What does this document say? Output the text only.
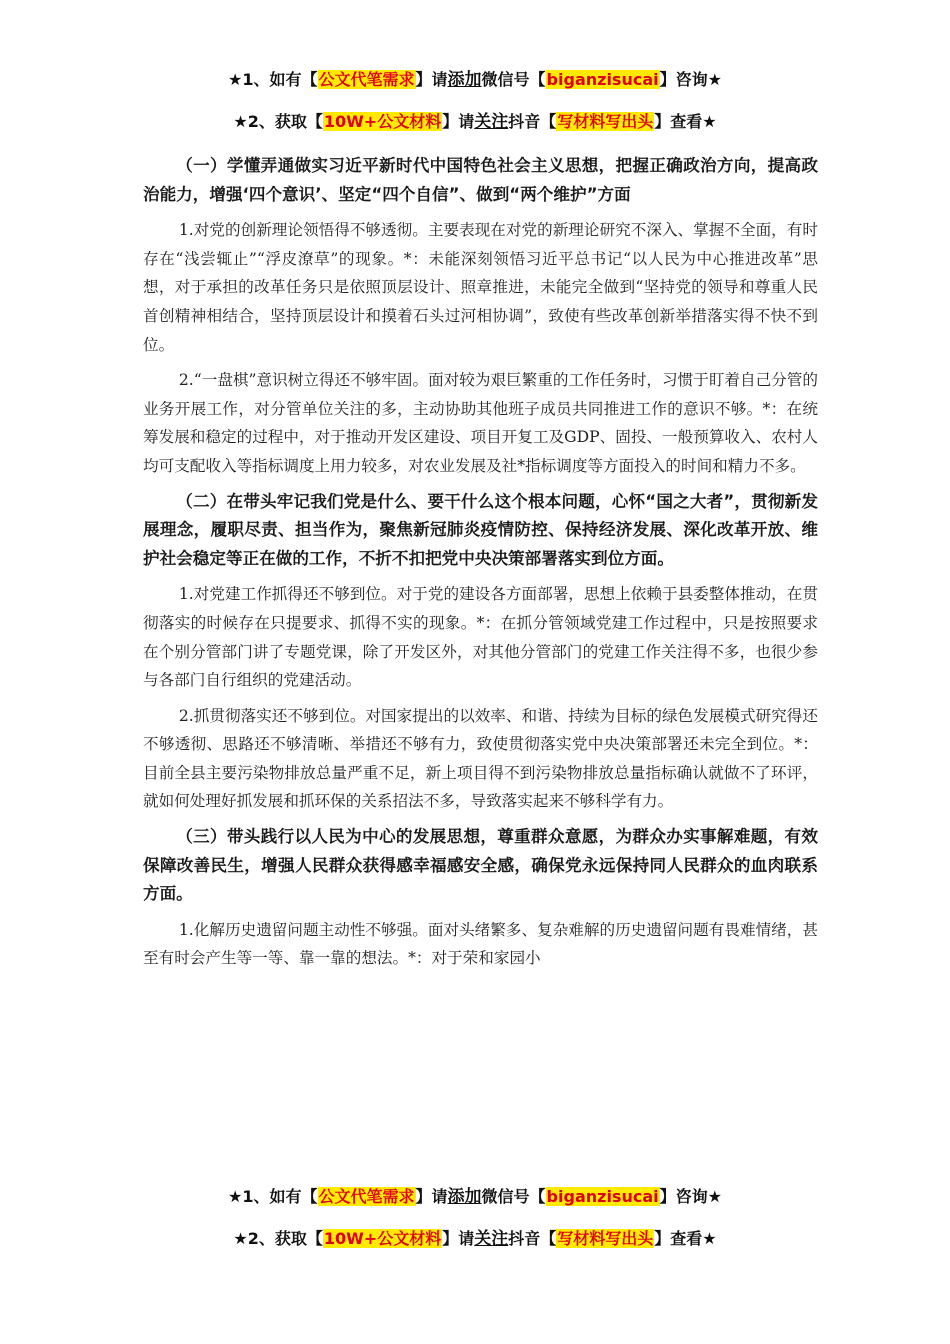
★1、如有【公文代笔需求】请添加微信号【biganzisucai】咨询★
★2、获取【10W+公文材料】请关注抖音【写材料写出头】查看★

（一）学懂弄通做实习近平新时代中国特色社会主义思想，把握正确政治方向，提高政治能力，增强‘四个意识’、坚定“四个自信”、做到“两个维护”方面

1.对党的创新理论领悟得不够透彻。主要表现在对党的新理论研究不深入、掌握不全面，有时存在“浅尝辄止”“浮皮潦草”的现象。*：未能深刻领悟习近平总书记“以人民为中心推进改革”思想，对于承担的改革任务只是依照顶层设计、照章推进，未能完全做到“坚持党的领导和尊重人民首创精神相结合，坚持顶层设计和摸着石头过河相协调”，致使有些改革创新举措落实得不快不到位。

2.“一盘棋”意识树立得还不够牢固。面对较为艰巨繁重的工作任务时，习惯于盯着自己分管的业务开展工作，对分管单位关注的多，主动协助其他班子成员共同推进工作的意识不够。*：在统筹发展和稳定的过程中，对于推动开发区建设、项目开复工及GDP、固投、一般预算收入、农村人均可支配收入等指标调度上用力较多，对农业发展及社*指标调度等方面投入的时间和精力不多。

（二）在带头牢记我们党是什么、要干什么这个根本问题，心怀“国之大者”，贯彻新发展理念，履职尽责、担当作为，聚焦新冠肺炎疫情防控、保持经济发展、深化改革开放、维护社会稳定等正在做的工作，不折不扣把党中央决策部署落实到位方面。

1.对党建工作抓得还不够到位。对于党的建设各方面部署，思想上依赖于县委整体推动，在贯彻落实的时候存在只提要求、抓得不实的现象。*：在抓分管领域党建工作过程中，只是按照要求在个别分管部门讲了专题党课，除了开发区外，对其他分管部门的党建工作关注得不多，也很少参与各部门自行组织的党建活动。

2.抓贯彻落实还不够到位。对国家提出的以效率、和谐、持续为目标的绿色发展模式研究得还不够透彻、思路还不够清晰、举措还不够有力，致使贯彻落实党中央决策部署还未完全到位。*：目前全县主要污染物排放总量严重不足，新上项目得不到污染物排放总量指标确认就做不了环评，就如何处理好抓发展和抓环保的关系招法不多，导致落实起来不够科学有力。

（三）带头践行以人民为中心的发展思想，尊重群众意愿，为群众办实事解难题，有效保障改善民生，增强人民群众获得感幸福感安全感，确保党永远保持同人民群众的血肉联系方面。

1.化解历史遗留问题主动性不够强。面对头绪繁多、复杂难解的历史遗留问题有畏难情绪，甚至有时会产生等一等、靠一靠的想法。*：对于荣和家园小

★1、如有【公文代笔需求】请添加微信号【biganzisucai】咨询★
★2、获取【10W+公文材料】请关注抖音【写材料写出头】查看★
